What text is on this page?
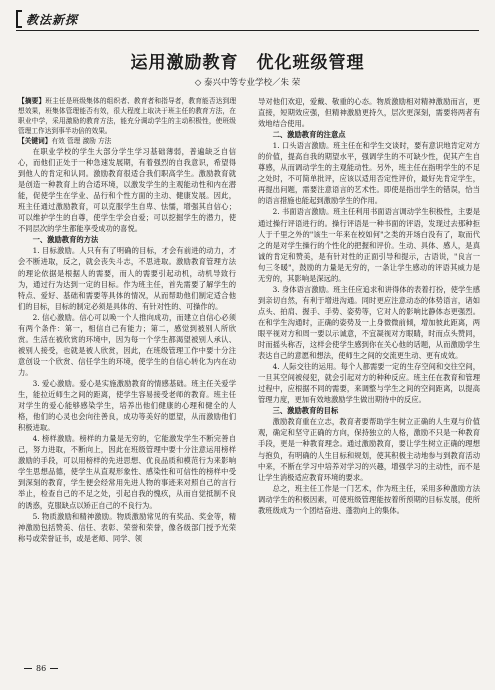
教法新探
运用激励教育　优化班级管理
◇ 泰兴中等专业学校／朱 荣

【摘要】班主任是班级集体的组织者、教育者和指导者，教育能否达到理想效果，班集体管理能否有效，很大程度上取决于班主任的教育方法，在职业中学，采用激励的教育方法，能充分调动学生的主动积极性，使班级管理工作达到事半功倍的效果。

【关键词】有效 管理 激励 方法

在职业学校的学生大部分学生学习基础薄弱，普遍缺乏自信心，而他们正处于一种急速发展期，有着强烈的自我意识，希望得到他人的肯定和认同。激励教育很适合我们职高学生。激励教育就是创造一种教育上的合适环境，以激发学生的主观能动性和内在潜能，促使学生在学业、品行和个性方面的主动、健康发展。因此，班主任通过激励教育，可以克服学生自卑、怯懦，增强其自信心；可以维护学生的自尊，使学生学会自爱；可以挖掘学生的潜力，使不同层次的学生都能享受成功的喜悦。

一、激励教育的方法

1. 目标激励。人只有有了明确的目标，才会有前进的动力，才会不断进取，反之，就会丧失斗志，不思进取。激励教育管理方法的理论依据是根据人的需要，而人的需要引起动机，动机导致行为，通过行为达到一定的目标。作为班主任，首先需要了解学生的特点、爱好、基础和需要等具体的情况，从而帮助他们制定适合他们的目标，目标的制定必须是具体的、有针对性的、可操作的。

2. 信心激励。信心可以唤一个人推向成功，而建立自信心必须有两个条件：第一，相信自己有能力；第二，感觉到被别人所欣赏。生活在被欣赏的环境中，因为每一个学生都渴望被别人承认、被别人接受，也就是被人欣赏，因此，在班级管理工作中要十分注意创设一个欣赏、信任学生的环境，使学生的自信心转化为内在动力。

3. 爱心激励。爱心是实施激励教育的情感基础。班主任关爱学生，能拉近师生之间的距离，使学生容易接受老师的教育。班主任对学生的爱心能够感染学生，培养出他们健康的心理和健全的人格，他们的心灵也会向往善良，成功等美好的愿望，从而激励他们积极进取。

4. 榜样激励。榜样的力量是无穷的，它能激发学生不断完善自己，努力进取，不断向上，因此在班级管理中要十分注意运用榜样激励的手段，可以用榜样的先进思想、优良品质和模范行为来影响学生思想品德，使学生从直观形象性、感染性和可信性的榜样中受到深刻的教育，学生便会经常用先进人物的事迹来对照自己的言行举止，检查自己的不足之处，引起自我的愧疚，从而自觉抵制不良的诱惑，克服缺点以矫正自己的不良行为。

5. 物质激励和精神激励。物质激励常见的有奖品、奖金等，精神激励包括赞美、信任、表彰、荣誉和荣誉，像各级部门授予光荣称号或荣誉证书，或是老师、同学、领

导对他们欢迎，爱戴、敬重的心态。物质激励相对精神激励而言，更直接，短期效应强，但精神激励更持久，层次更深刻，需要将两者有效地结合使用。

二、激励教育的注意点

1. 口头语言激励。班主任在和学生交谈时，要有意识地肯定对方的价值，提高自我的期望水平，强调学生的不可缺少性，促其产生自尊感，从而调动学生的主观能动性。另外，班主任在指明学生的不足之处时，不可简单批评，应该以适用否定性评价，最好先肯定学生，再提出问题，需要注意语言的艺术性。即使是指出学生的错误，恰当的语言措施也能起到激励学生的作用。

2. 书面语言激励。班主任利用书面语言调动学生积极性，主要是通过操行评语进行的。操行评语是一种书面的评语，发现过去那种拒人于千里之外的"该生一年来在校如何"之类的开场白没有了，取而代之的是对学生操行的个性化的把握和评价。生动、具体、感人，是真诚的肯定和赞美，是有针对性的正面引导和提示，古语说，"良言一句三冬暖"，鼓励的力量是无穷的，一条让学生感动的评语其威力是无穷的，其影响是深远的。

3. 身体语言激励。班主任应追求和讲得体的表着打扮，使学生感到亲切自然，有利于增进沟通。同时更应注意动态的体势语言，诸如点头、拍肩、握手、手势、姿势等，它对人的影响比静体态更强烈。在和学生沟通时，正确的姿势及一上身微微前倾，增加彼此距离，两眼平视对方和周一要以示诚意，不宜凝视对方眼睛，时而点头赞同，时而摇头称否，这样会使学生感到你在关心他的话题，从而激励学生表达自己的意愿和想法，使师生之间的交流更生动、更有成效。

4. 人际交往的运用。每个人都需要一定的生存空间和交往空间，一旦其空间被侵犯，就会引起对方的种种反应。班主任在教育和管理过程中，应根据不同的需要，来调整与学生之间的空间距离，以提高管理力度，更加有效地激励学生做出期待中的反应。

三、激励教育的目标

激励教育重在立志，教育者要帮助学生树立正确的人生观与价值观，确定和坚守正确的方向，保持独立的人格，激励不只是一种教育手段，更是一种教育理念。通过激励教育，要让学生树立正确的理想与抱负，有明确的人生目标和规划，使其积极主动地参与到教育活动中来，不断在学习中培养对学习的兴趣，增强学习的主动性，而不是让学生消极适应教育环境的要求。

总之，班主任工作是一门艺术，作为班主任，采用多种激励方法调动学生的积极因素，可使班级管理能按着所预期的目标发展，使所教班级成为一个团结奋进、蓬勃向上的集体。

86
